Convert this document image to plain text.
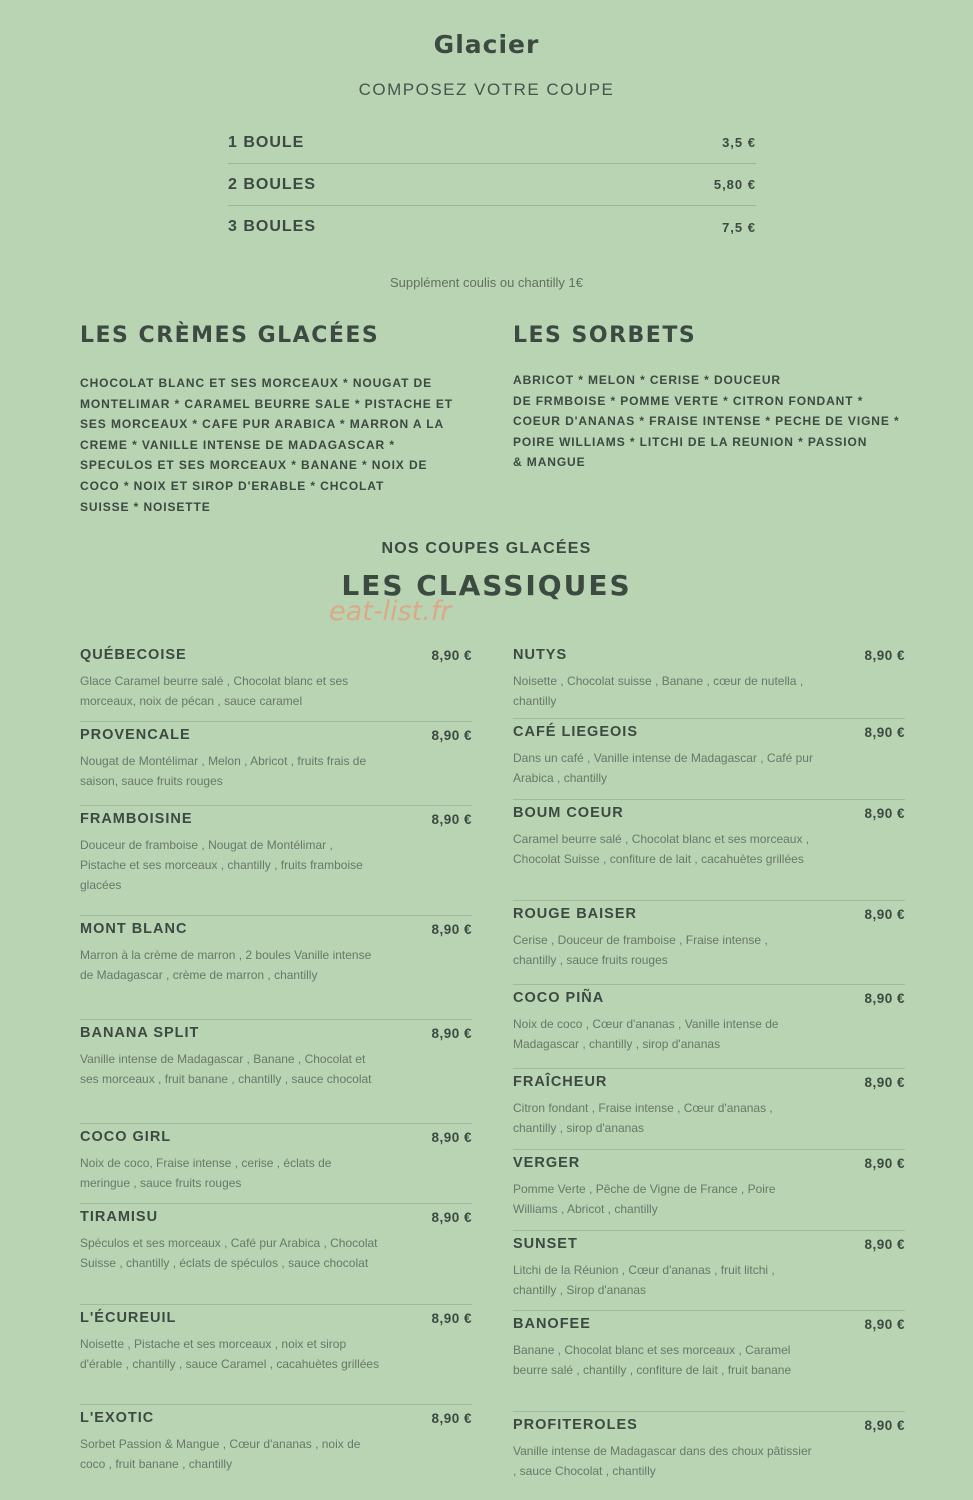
Glacier
COMPOSEZ VOTRE COUPE
1 BOULE	3,5 €
2 BOULES	5,80 €
3 BOULES	7,5 €
Supplément coulis ou chantilly 1€
LES CRÈMES GLACÉES
CHOCOLAT BLANC ET SES MORCEAUX * NOUGAT DE
MONTELIMAR * CARAMEL BEURRE SALE * PISTACHE ET
SES MORCEAUX * CAFE PUR ARABICA * MARRON A LA
CREME * VANILLE INTENSE DE MADAGASCAR *
SPECULOS ET SES MORCEAUX * BANANE * NOIX DE
COCO * NOIX ET SIROP D'ERABLE * CHCOLAT
SUISSE * NOISETTE
LES SORBETS
ABRICOT * MELON * CERISE * DOUCEUR
DE FRMBOISE * POMME VERTE * CITRON FONDANT *
COEUR D'ANANAS * FRAISE INTENSE * PECHE DE VIGNE *
POIRE WILLIAMS * LITCHI DE LA REUNION * PASSION
& MANGUE
NOS COUPES GLACÉES
LES CLASSIQUES
eat-list.fr
QUÉBECOISE	8,90 €
Glace Caramel beurre salé , Chocolat blanc et ses morceaux, noix de pécan , sauce caramel
PROVENCALE	8,90 €
Nougat de Montélimar , Melon , Abricot , fruits frais de saison, sauce fruits rouges
FRAMBOISINE	8,90 €
Douceur de framboise , Nougat de Montélimar , Pistache et ses morceaux , chantilly , fruits framboise glacées
MONT BLANC	8,90 €
Marron à la crème de marron , 2 boules Vanille intense de Madagascar , crème de marron , chantilly
BANANA SPLIT	8,90 €
Vanille intense de Madagascar , Banane , Chocolat et ses morceaux , fruit banane , chantilly , sauce chocolat
COCO GIRL	8,90 €
Noix de coco, Fraise intense , cerise , éclats de meringue , sauce fruits rouges
TIRAMISU	8,90 €
Spéculos et ses morceaux , Café pur Arabica , Chocolat Suisse , chantilly , éclats de spéculos , sauce chocolat
L'ÉCUREUIL	8,90 €
Noisette , Pistache et ses morceaux , noix et sirop d'érable , chantilly , sauce Caramel , cacahuètes grillées
L'EXOTIC	8,90 €
Sorbet Passion & Mangue , Cœur d'ananas , noix de coco , fruit banane , chantilly
NUTYS	8,90 €
Noisette , Chocolat suisse , Banane , cœur de nutella , chantilly
CAFÉ LIEGEOIS	8,90 €
Dans un café , Vanille intense de Madagascar , Café pur Arabica , chantilly
BOUM COEUR	8,90 €
Caramel beurre salé , Chocolat blanc et ses morceaux , Chocolat Suisse , confiture de lait , cacahuètes grillées
ROUGE BAISER	8,90 €
Cerise , Douceur de framboise , Fraise intense , chantilly , sauce fruits rouges
COCO PIÑA	8,90 €
Noix de coco , Cœur d'ananas , Vanille intense de Madagascar , chantilly , sirop d'ananas
FRAÎCHEUR	8,90 €
Citron fondant , Fraise intense , Cœur d'ananas , chantilly , sirop d'ananas
VERGER	8,90 €
Pomme Verte , Pêche de Vigne de France , Poire Williams , Abricot , chantilly
SUNSET	8,90 €
Litchi de la Réunion , Cœur d'ananas , fruit litchi , chantilly , Sirop d'ananas
BANOFEE	8,90 €
Banane , Chocolat blanc et ses morceaux , Caramel beurre salé , chantilly , confiture de lait , fruit banane
PROFITEROLES	8,90 €
Vanille intense de Madagascar dans des choux pâtissier , sauce Chocolat , chantilly
